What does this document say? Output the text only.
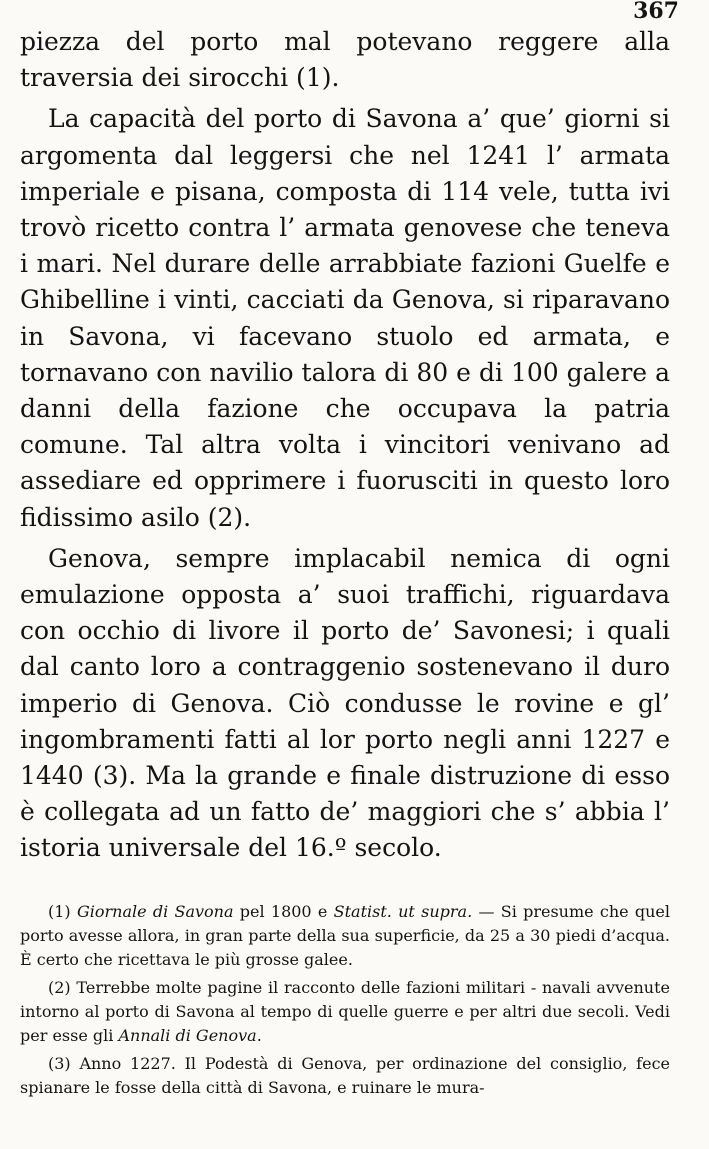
367

piezza del porto mal potevano reggere alla traversia dei sirocchi (1).

La capacità del porto di Savona a’ que’ giorni si argomenta dal leggersi che nel 1241 l’ armata imperiale e pisana, composta di 114 vele, tutta ivi trovò ricetto contra l’ armata genovese che teneva i mari. Nel durare delle arrabbiate fazioni Guelfe e Ghibelline i vinti, cacciati da Genova, si riparavano in Savona, vi facevano stuolo ed armata, e tornavano con navilio talora di 80 e di 100 galere a danni della fazione che occupava la patria comune. Tal altra volta i vincitori venivano ad assediare ed opprimere i fuorusciti in questo loro fidissimo asilo (2).

Genova, sempre implacabil nemica di ogni emulazione opposta a’ suoi traffichi, riguardava con occhio di livore il porto de’ Savonesi; i quali dal canto loro a contraggenio sostenevano il duro imperio di Genova. Ciò condusse le rovine e gl’ ingombramenti fatti al lor porto negli anni 1227 e 1440 (3). Ma la grande e finale distruzione di esso è collegata ad un fatto de’ maggiori che s’ abbia l’ istoria universale del 16.º secolo.

(1) Giornale di Savona pel 1800 e Statist. ut supra. — Si presume che quel porto avesse allora, in gran parte della sua superficie, da 25 a 30 piedi d’acqua. È certo che ricettava le più grosse galee.

(2) Terrebbe molte pagine il racconto delle fazioni militari - navali avvenute intorno al porto di Savona al tempo di quelle guerre e per altri due secoli. Vedi per esse gli Annali di Genova.

(3) Anno 1227. Il Podestà di Genova, per ordinazione del consiglio, fece spianare le fosse della città di Savona, e ruinare le mura-
